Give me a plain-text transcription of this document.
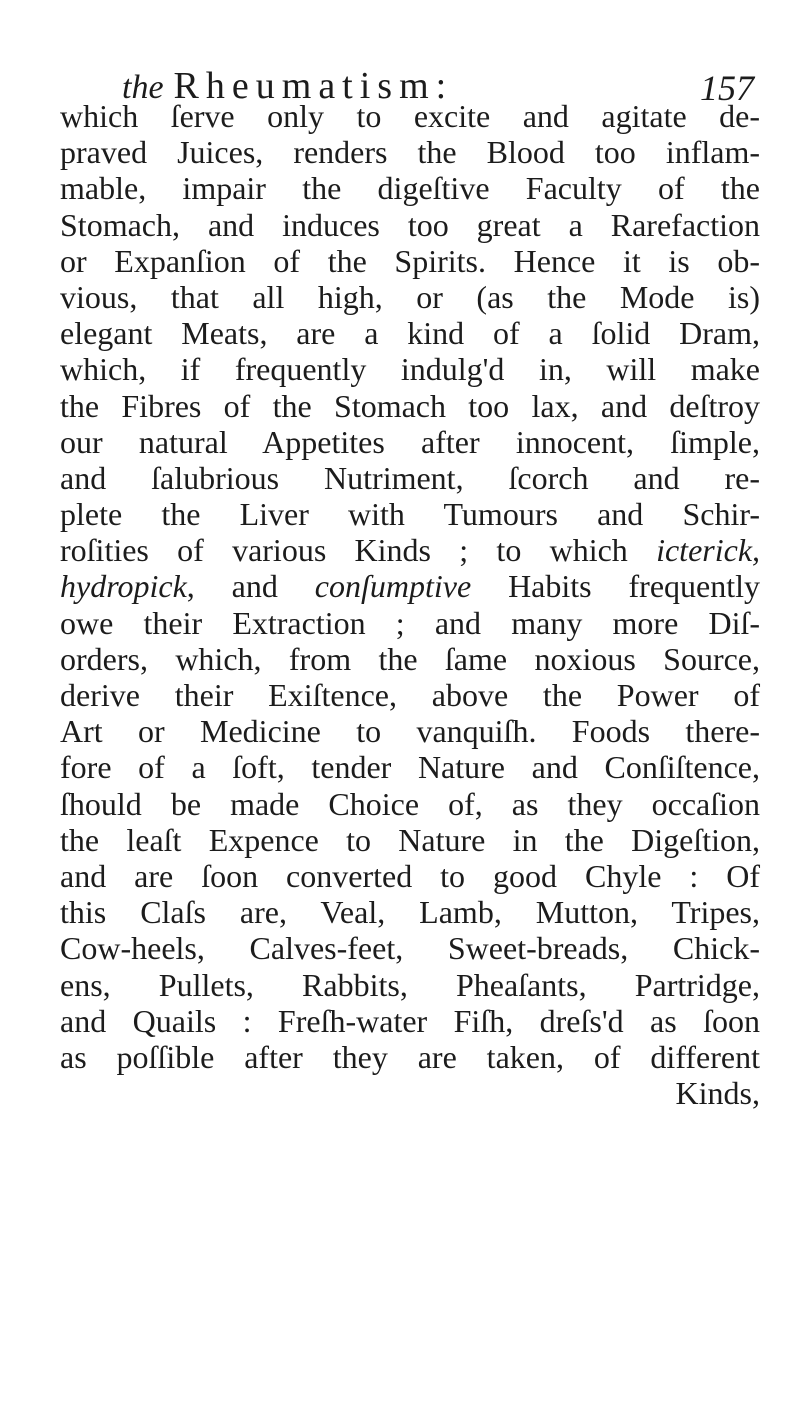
the Rheumatism:	157
which ſerve only to excite and agitate de-
praved Juices, renders the Blood too inflam-
mable, impair the digeſtive Faculty of the
Stomach, and induces too great a Rarefaction
or Expanſion of the Spirits. Hence it is ob-
vious, that all high, or (as the Mode is)
elegant Meats, are a kind of a ſolid Dram,
which, if frequently indulg'd in, will make
the Fibres of the Stomach too lax, and deſtroy
our natural Appetites after innocent, ſimple,
and ſalubrious Nutriment, ſcorch and re-
plete the Liver with Tumours and Schir-
roſities of various Kinds ; to which icterick,
hydropick, and conſumptive Habits frequently
owe their Extraction ; and many more Diſ-
orders, which, from the ſame noxious Source,
derive their Exiſtence, above the Power of
Art or Medicine to vanquiſh. Foods there-
fore of a ſoft, tender Nature and Conſiſtence,
ſhould be made Choice of, as they occaſion
the leaſt Expence to Nature in the Digeſtion,
and are ſoon converted to good Chyle : Of
this Claſs are, Veal, Lamb, Mutton, Tripes,
Cow-heels, Calves-feet, Sweet-breads, Chick-
ens, Pullets, Rabbits, Pheaſants, Partridge,
and Quails : Freſh-water Fiſh, dreſs'd as ſoon
as poſſible after they are taken, of different
Kinds,
